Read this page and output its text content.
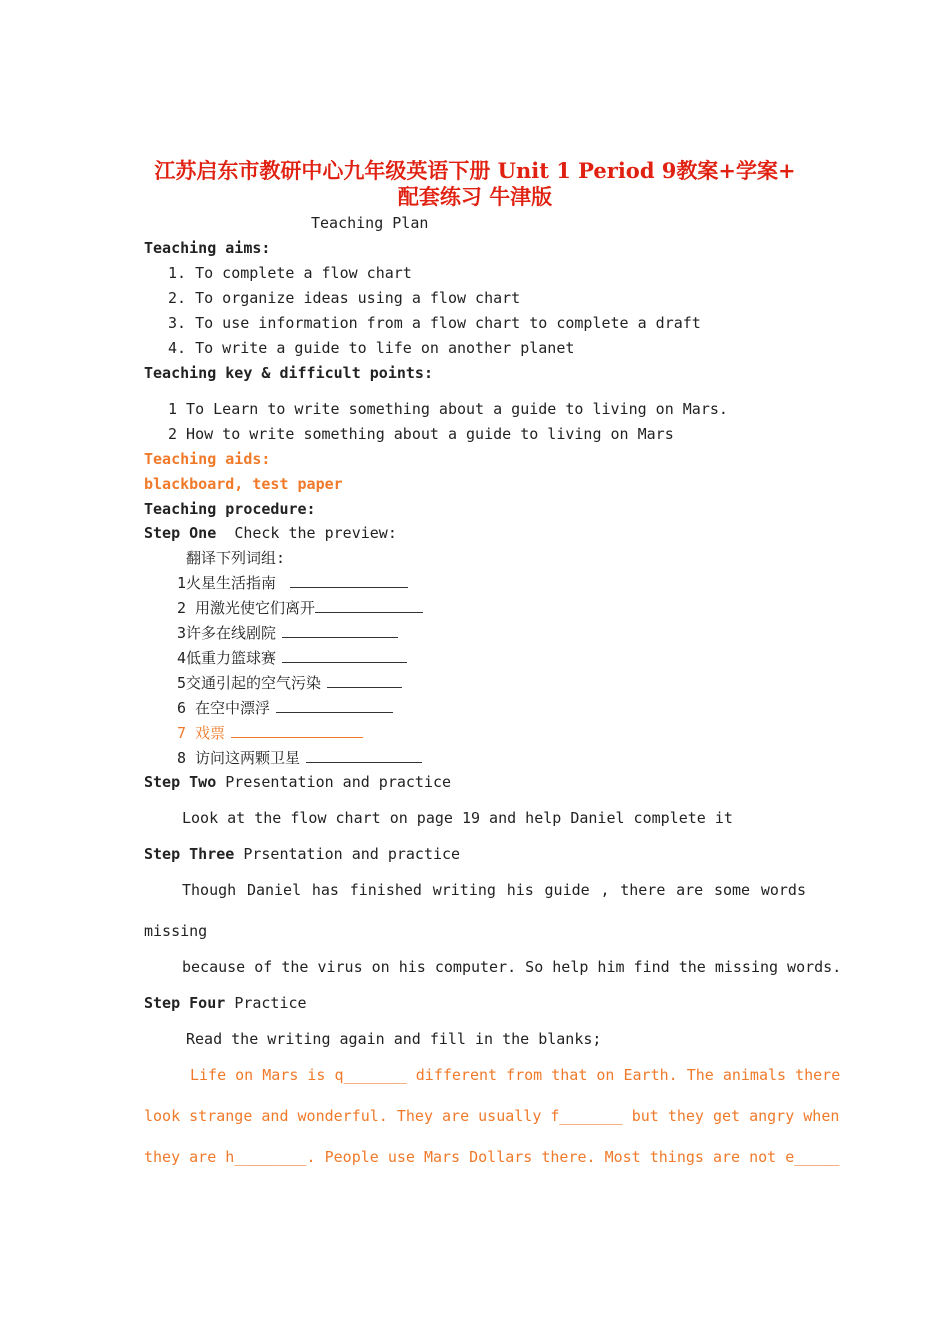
江苏启东市教研中心九年级英语下册 Unit 1 Period 9教案+学案+
配套练习 牛津版
Teaching Plan
Teaching aims:
1. To complete a flow chart
2. To organize ideas using a flow chart
3. To use information from a flow chart to complete a draft
4. To write a guide to life on another planet
Teaching key & difficult points:
1 To Learn to write something about a guide to living on Mars.
2 How to write something about a guide to living on Mars
Teaching aids:
blackboard, test paper
Teaching procedure:
Step One Check the preview:
翻译下列词组:
1火星生活指南
2 用激光使它们离开
3许多在线剧院
4低重力篮球赛
5交通引起的空气污染
6 在空中漂浮
7 戏票
8 访问这两颗卫星
Step Two Presentation and practice
Look at the flow chart on page 19 and help Daniel complete it
Step Three Prsentation and practice
Though Daniel has finished writing his guide , there are some words
missing
because of the virus on his computer. So help him find the missing words.
Step Four Practice
Read the writing again and fill in the blanks;
Life on Mars is q_______ different from that on Earth. The animals there
look strange and wonderful. They are usually f_______ but they get angry when
they are h________. People use Mars Dollars there. Most things are not e_____
